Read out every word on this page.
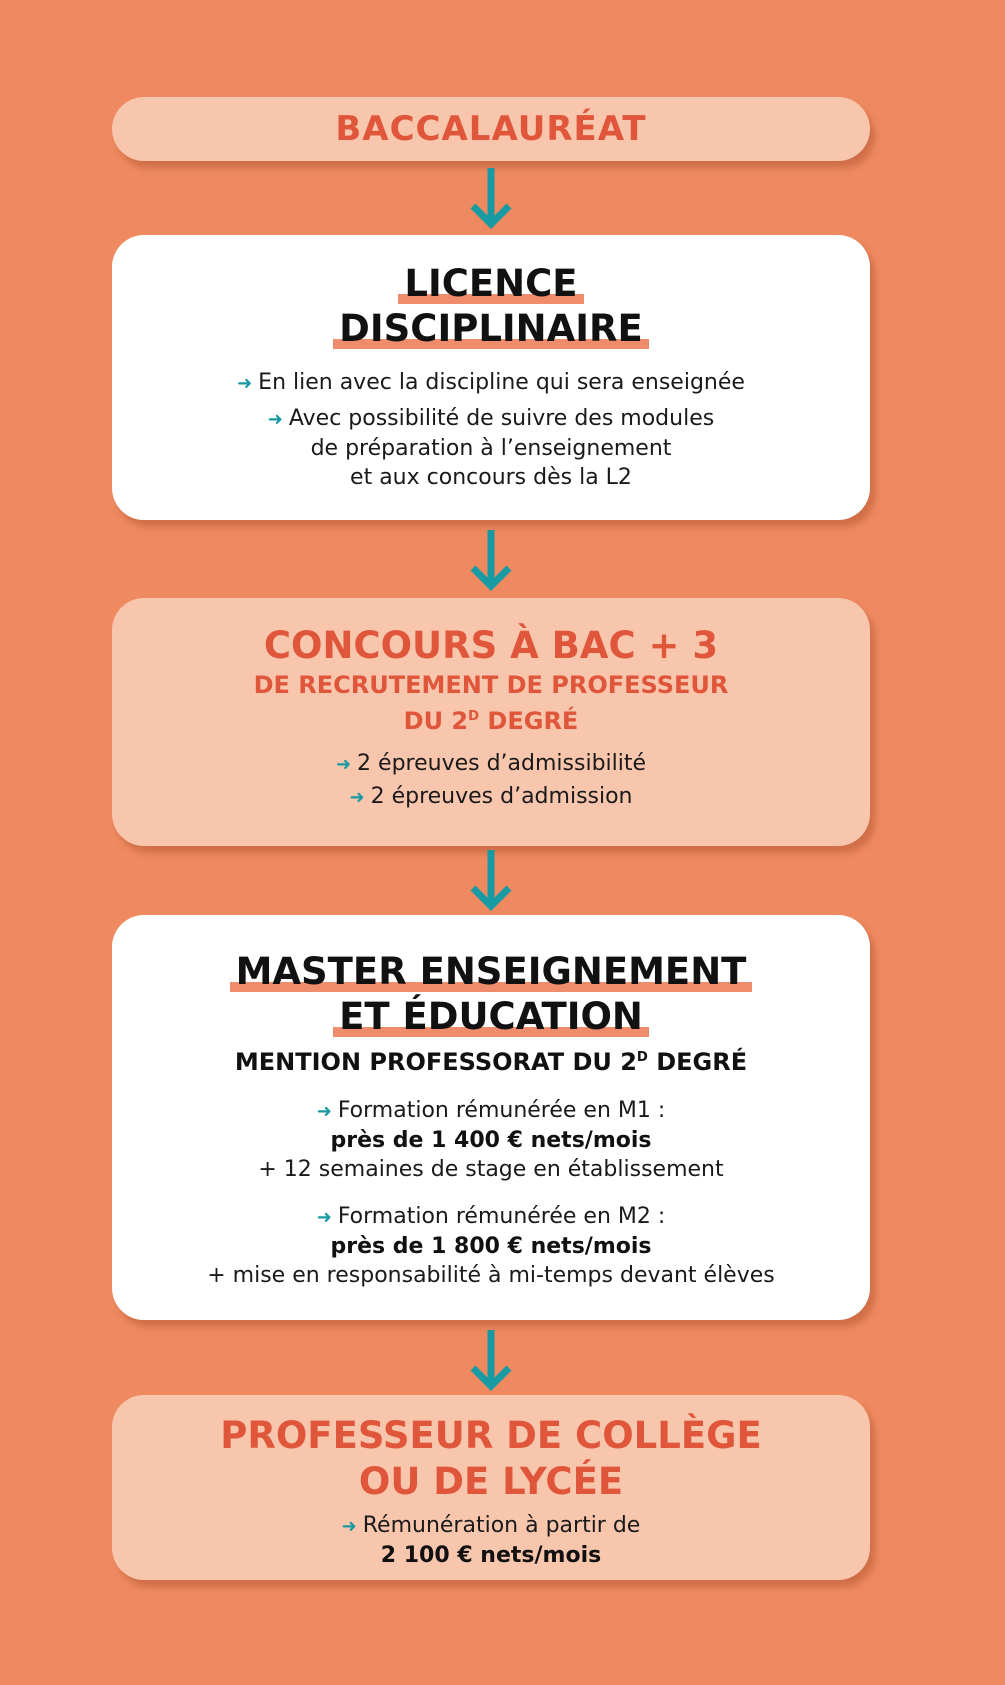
BACCALAURÉAT
LICENCE
DISCIPLINAIRE
➜ En lien avec la discipline qui sera enseignée
➜ Avec possibilité de suivre des modules
de préparation à l’enseignement
et aux concours dès la L2
CONCOURS À BAC + 3
DE RECRUTEMENT DE PROFESSEUR
DU $2^D$ DEGRÉ
➜ 2 épreuves d’admissibilité
➜ 2 épreuves d’admission
MASTER ENSEIGNEMENT
ET ÉDUCATION
MENTION PROFESSORAT DU $2^D$ DEGRÉ
➜ Formation rémunérée en M1 :
près de 1 400 € nets/mois
+ 12 semaines de stage en établissement
➜ Formation rémunérée en M2 :
près de 1 800 € nets/mois
+ mise en responsabilité à mi-temps devant élèves
PROFESSEUR DE COLLÈGE
OU DE LYCÉE
➜ Rémunération à partir de
2 100 € nets/mois
